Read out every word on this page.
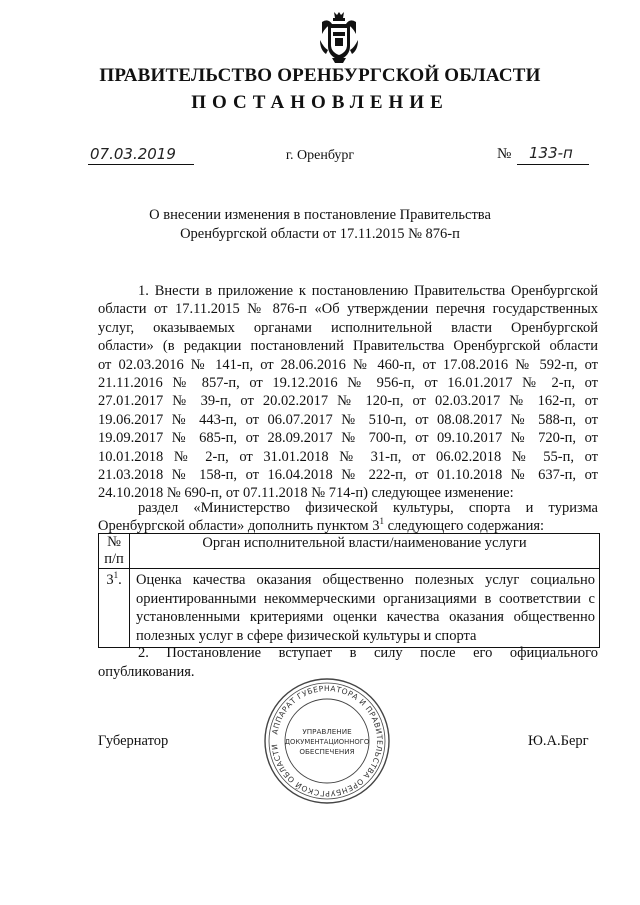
ПРАВИТЕЛЬСТВО ОРЕНБУРГСКОЙ ОБЛАСТИ
ПОСТАНОВЛЕНИЕ
07.03.2019	г. Оренбург	№ 133-п
О внесении изменения в постановление Правительства
Оренбургской области от 17.11.2015 № 876-п
1. Внести в приложение к постановлению Правительства Оренбургской
области от 17.11.2015 № 876-п «Об утверждении перечня государственных
услуг, оказываемых органами исполнительной власти Оренбургской
области» (в редакции постановлений Правительства Оренбургской области
от 02.03.2016 № 141-п, от 28.06.2016 № 460-п, от 17.08.2016 № 592-п, от
21.11.2016 № 857-п, от 19.12.2016 № 956-п, от 16.01.2017 № 2-п, от
27.01.2017 № 39-п, от 20.02.2017 № 120-п, от 02.03.2017 № 162-п, от
19.06.2017 № 443-п, от 06.07.2017 № 510-п, от 08.08.2017 № 588-п, от
19.09.2017 № 685-п, от 28.09.2017 № 700-п, от 09.10.2017 № 720-п, от
10.01.2018 № 2-п, от 31.01.2018 № 31-п, от 06.02.2018 № 55-п, от
21.03.2018 № 158-п, от 16.04.2018 № 222-п, от 01.10.2018 № 637-п, от
24.10.2018 № 690-п, от 07.11.2018 № 714-п) следующее изменение:
раздел «Министерство физической культуры, спорта и туризма
Оренбургской области» дополнить пунктом $3^1$ следующего содержания:
№
п/п	Орган исполнительной власти/наименование услуги
$3^1$.	Оценка качества оказания общественно полезных услуг социально
ориентированными некоммерческими организациями в соответствии с
установленными критериями оценки качества оказания общественно
полезных услуг в сфере физической культуры и спорта
2. Постановление вступает в силу после его официального
опубликования.
Губернатор	Ю.А.Берг
АППАРАТ ГУБЕРНАТОРА И ПРАВИТЕЛЬСТВА ОРЕНБУРГСКОЙ ОБЛАСТИ
УПРАВЛЕНИЕ
ДОКУМЕНТАЦИОННОГО
ОБЕСПЕЧЕНИЯ
